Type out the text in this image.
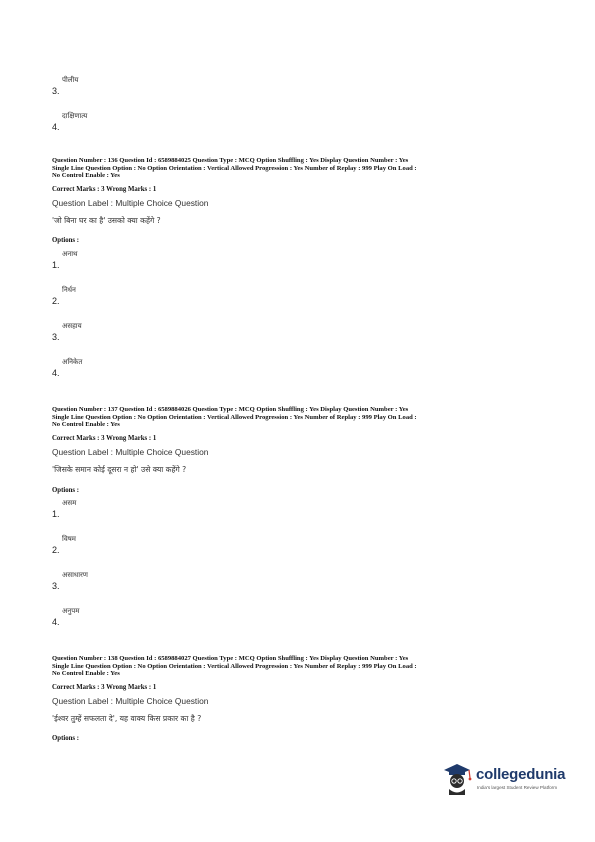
3.
पीलीय
4.
दाक्षिणात्य
Question Number : 136 Question Id : 6589884025 Question Type : MCQ Option Shuffling : Yes Display Question Number : Yes
Single Line Question Option : No Option Orientation : Vertical Allowed Progression : Yes Number of Replay : 999 Play On Load :
No Control Enable : Yes
Correct Marks : 3 Wrong Marks : 1
Question Label : Multiple Choice Question
'जो बिना घर का है' उसको क्या कहेंगे ?
Options :
1.
अनाथ
2.
निर्धन
3.
असहाय
4.
अनिकेत
Question Number : 137 Question Id : 6589884026 Question Type : MCQ Option Shuffling : Yes Display Question Number : Yes
Single Line Question Option : No Option Orientation : Vertical Allowed Progression : Yes Number of Replay : 999 Play On Load :
No Control Enable : Yes
Correct Marks : 3 Wrong Marks : 1
Question Label : Multiple Choice Question
'जिसके समान कोई दूसरा न हो' उसे क्या कहेंगे ?
Options :
1.
असम
2.
विषम
3.
असाधारण
4.
अनुपम
Question Number : 138 Question Id : 6589884027 Question Type : MCQ Option Shuffling : Yes Display Question Number : Yes
Single Line Question Option : No Option Orientation : Vertical Allowed Progression : Yes Number of Replay : 999 Play On Load :
No Control Enable : Yes
Correct Marks : 3 Wrong Marks : 1
Question Label : Multiple Choice Question
'ईश्वर तुम्हें सफलता दे', यह वाक्य किस प्रकार का है ?
Options :
collegedunia
India's largest Student Review Platform
